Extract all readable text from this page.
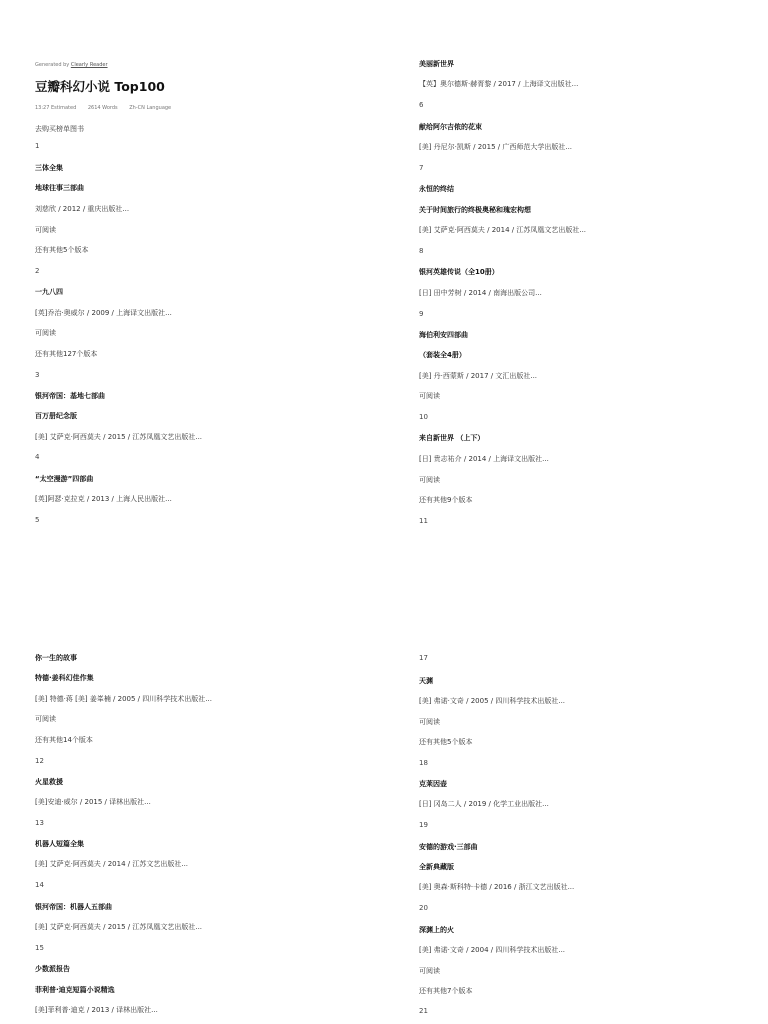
Generated by Clearly Reader
豆瓣科幻小说 Top100
13:27 Estimated 2614 Words Zh-CN Language
去购买榜单图书
1
三体全集
地球往事三部曲
刘慈欣 / 2012 / 重庆出版社...
可阅读
还有其他5个版本
2
一九八四
[英]乔治·奥威尔 / 2009 / 上海译文出版社...
可阅读
还有其他127个版本
3
银河帝国：基地七部曲
百万册纪念版
[美] 艾萨克·阿西莫夫 / 2015 / 江苏凤凰文艺出版社...
4
“太空漫游”四部曲
[英]阿瑟·克拉克 / 2013 / 上海人民出版社...
5
美丽新世界
【英】奥尔德斯·赫胥黎 / 2017 / 上海译文出版社...
6
献给阿尔吉侬的花束
[美] 丹尼尔·凯斯 / 2015 / 广西师范大学出版社...
7
永恒的终结
关于时间旅行的终极奥秘和瑰宏构想
[美] 艾萨克·阿西莫夫 / 2014 / 江苏凤凰文艺出版社...
8
银河英雄传说（全10册）
[日] 田中芳树 / 2014 / 南海出版公司...
9
海伯利安四部曲
（套装全4册）
[美] 丹·西蒙斯 / 2017 / 文汇出版社...
可阅读
10
来自新世界 （上下）
[日] 贵志祐介 / 2014 / 上海译文出版社...
可阅读
还有其他9个版本
11
你一生的故事
特德·姜科幻佳作集
[美] 特德·蒋 [美] 姜峯楠 / 2005 / 四川科学技术出版社...
可阅读
还有其他14个版本
12
火星救援
[美]安迪·威尔 / 2015 / 译林出版社...
13
机器人短篇全集
[美] 艾萨克·阿西莫夫 / 2014 / 江苏文艺出版社...
14
银河帝国：机器人五部曲
[美] 艾萨克·阿西莫夫 / 2015 / 江苏凤凰文艺出版社...
15
少数派报告
菲利普·迪克短篇小说精选
[美]菲利普·迪克 / 2013 / 译林出版社...
17
天渊
[美] 弗诺·文奇 / 2005 / 四川科学技术出版社...
可阅读
还有其他5个版本
18
克莱因壶
[日] 冈岛二人 / 2019 / 化学工业出版社...
19
安德的游戏·三部曲
全新典藏版
[美] 奥森·斯科特·卡德 / 2016 / 浙江文艺出版社...
20
深渊上的火
[美] 弗诺·文奇 / 2004 / 四川科学技术出版社...
可阅读
还有其他7个版本
21
